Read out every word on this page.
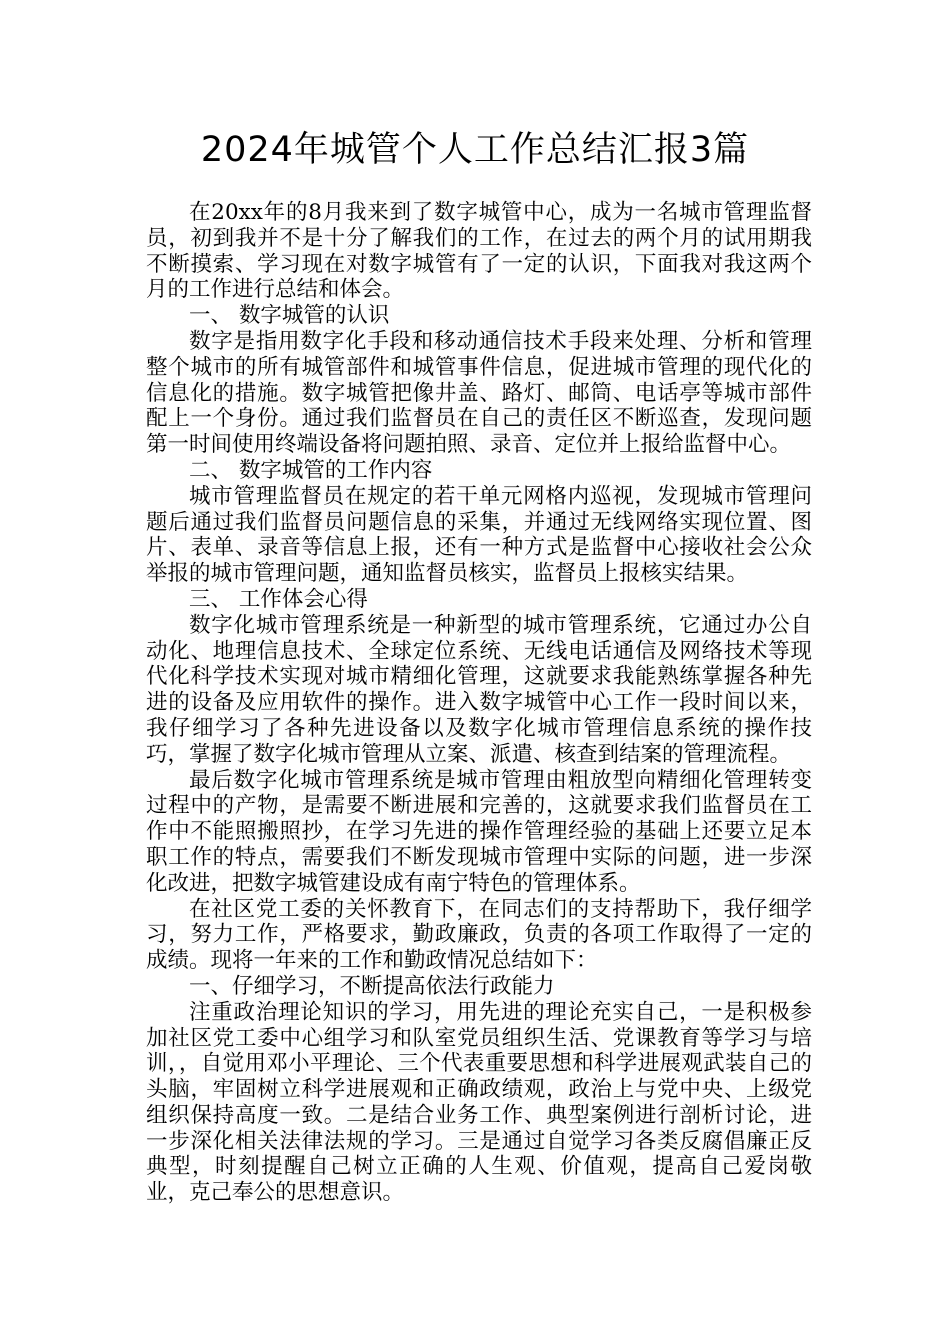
2024年城管个人工作总结汇报3篇

在20xx年的8月我来到了数字城管中心，成为一名城市管理监督员，初到我并不是十分了解我们的工作，在过去的两个月的试用期我不断摸索、学习现在对数字城管有了一定的认识，下面我对我这两个月的工作进行总结和体会。

一、 数字城管的认识

数字是指用数字化手段和移动通信技术手段来处理、分析和管理整个城市的所有城管部件和城管事件信息，促进城市管理的现代化的信息化的措施。数字城管把像井盖、路灯、邮筒、电话亭等城市部件配上一个身份。通过我们监督员在自己的责任区不断巡查，发现问题第一时间使用终端设备将问题拍照、录音、定位并上报给监督中心。

二、 数字城管的工作内容

城市管理监督员在规定的若干单元网格内巡视，发现城市管理问题后通过我们监督员问题信息的采集，并通过无线网络实现位置、图片、表单、录音等信息上报，还有一种方式是监督中心接收社会公众举报的城市管理问题，通知监督员核实，监督员上报核实结果。

三、 工作体会心得

数字化城市管理系统是一种新型的城市管理系统，它通过办公自动化、地理信息技术、全球定位系统、无线电话通信及网络技术等现代化科学技术实现对城市精细化管理，这就要求我能熟练掌握各种先进的设备及应用软件的操作。进入数字城管中心工作一段时间以来，我仔细学习了各种先进设备以及数字化城市管理信息系统的操作技巧，掌握了数字化城市管理从立案、派遣、核查到结案的管理流程。

最后数字化城市管理系统是城市管理由粗放型向精细化管理转变过程中的产物，是需要不断进展和完善的，这就要求我们监督员在工作中不能照搬照抄，在学习先进的操作管理经验的基础上还要立足本职工作的特点，需要我们不断发现城市管理中实际的问题，进一步深化改进，把数字城管建设成有南宁特色的管理体系。

在社区党工委的关怀教育下，在同志们的支持帮助下，我仔细学习，努力工作，严格要求，勤政廉政，负责的各项工作取得了一定的成绩。现将一年来的工作和勤政情况总结如下：

一、仔细学习，不断提高依法行政能力

注重政治理论知识的学习，用先进的理论充实自己，一是积极参加社区党工委中心组学习和队室党员组织生活、党课教育等学习与培训，，自觉用邓小平理论、三个代表重要思想和科学进展观武装自己的头脑，牢固树立科学进展观和正确政绩观，政治上与党中央、上级党组织保持高度一致。二是结合业务工作、典型案例进行剖析讨论，进一步深化相关法律法规的学习。三是通过自觉学习各类反腐倡廉正反典型，时刻提醒自己树立正确的人生观、价值观，提高自己爱岗敬业，克己奉公的思想意识。
